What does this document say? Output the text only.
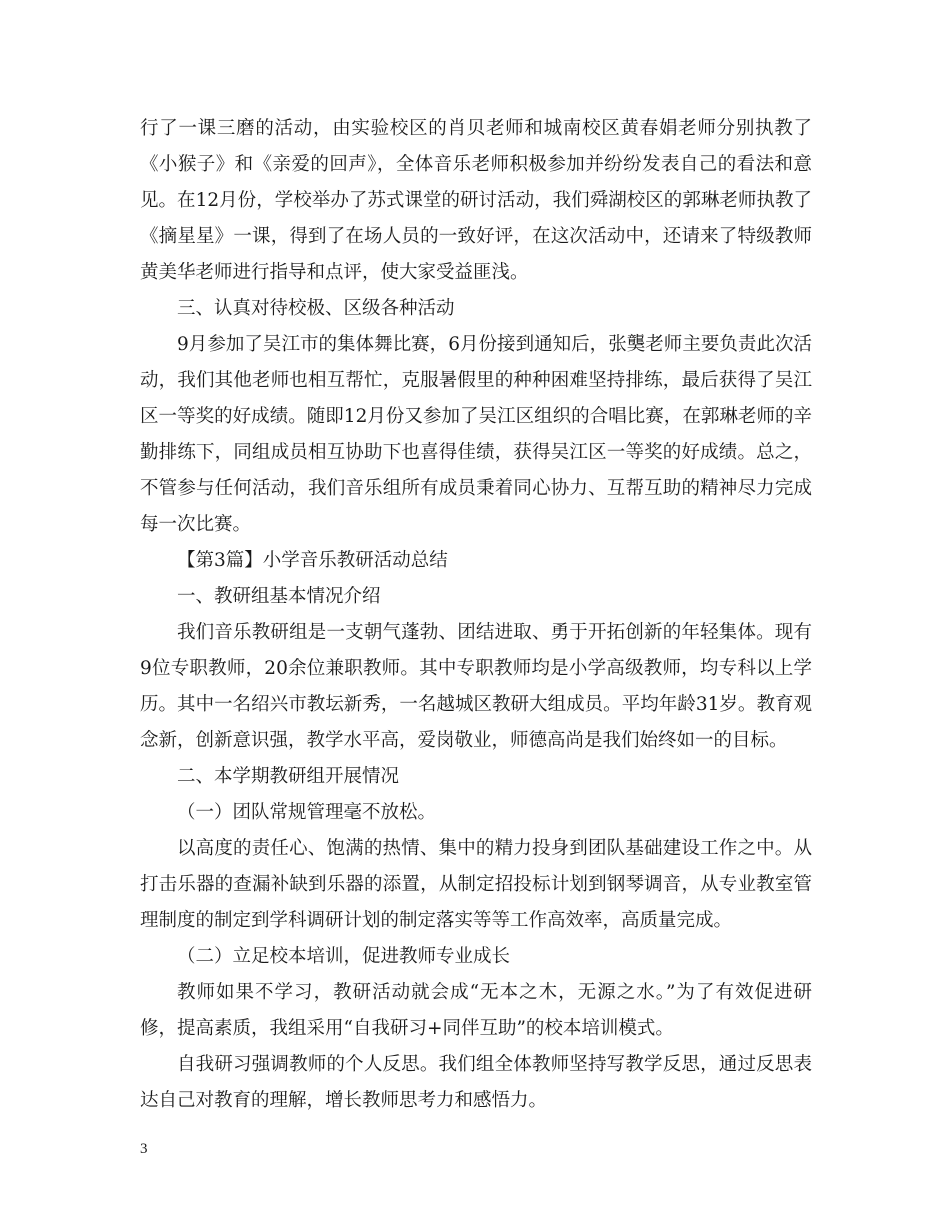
行了一课三磨的活动，由实验校区的肖贝老师和城南校区黄春娟老师分别执教了《小猴子》和《亲爱的回声》，全体音乐老师积极参加并纷纷发表自己的看法和意见。在12月份，学校举办了苏式课堂的研讨活动，我们舜湖校区的郭琳老师执教了《摘星星》一课，得到了在场人员的一致好评，在这次活动中，还请来了特级教师黄美华老师进行指导和点评，使大家受益匪浅。

三、认真对待校极、区级各种活动

9月参加了吴江市的集体舞比赛，6月份接到通知后，张龑老师主要负责此次活动，我们其他老师也相互帮忙，克服暑假里的种种困难坚持排练，最后获得了吴江区一等奖的好成绩。随即12月份又参加了吴江区组织的合唱比赛，在郭琳老师的辛勤排练下，同组成员相互协助下也喜得佳绩，获得吴江区一等奖的好成绩。总之，不管参与任何活动，我们音乐组所有成员秉着同心协力、互帮互助的精神尽力完成每一次比赛。

【第3篇】小学音乐教研活动总结

一、教研组基本情况介绍

我们音乐教研组是一支朝气蓬勃、团结进取、勇于开拓创新的年轻集体。现有9位专职教师，20余位兼职教师。其中专职教师均是小学高级教师，均专科以上学历。其中一名绍兴市教坛新秀，一名越城区教研大组成员。平均年龄31岁。教育观念新，创新意识强，教学水平高，爱岗敬业，师德高尚是我们始终如一的目标。

二、本学期教研组开展情况

（一）团队常规管理毫不放松。

以高度的责任心、饱满的热情、集中的精力投身到团队基础建设工作之中。从打击乐器的查漏补缺到乐器的添置，从制定招投标计划到钢琴调音，从专业教室管理制度的制定到学科调研计划的制定落实等等工作高效率，高质量完成。

（二）立足校本培训，促进教师专业成长

教师如果不学习，教研活动就会成“无本之木，无源之水。”为了有效促进研修，提高素质，我组采用“自我研习+同伴互助”的校本培训模式。

自我研习强调教师的个人反思。我们组全体教师坚持写教学反思，通过反思表达自己对教育的理解，增长教师思考力和感悟力。

3
